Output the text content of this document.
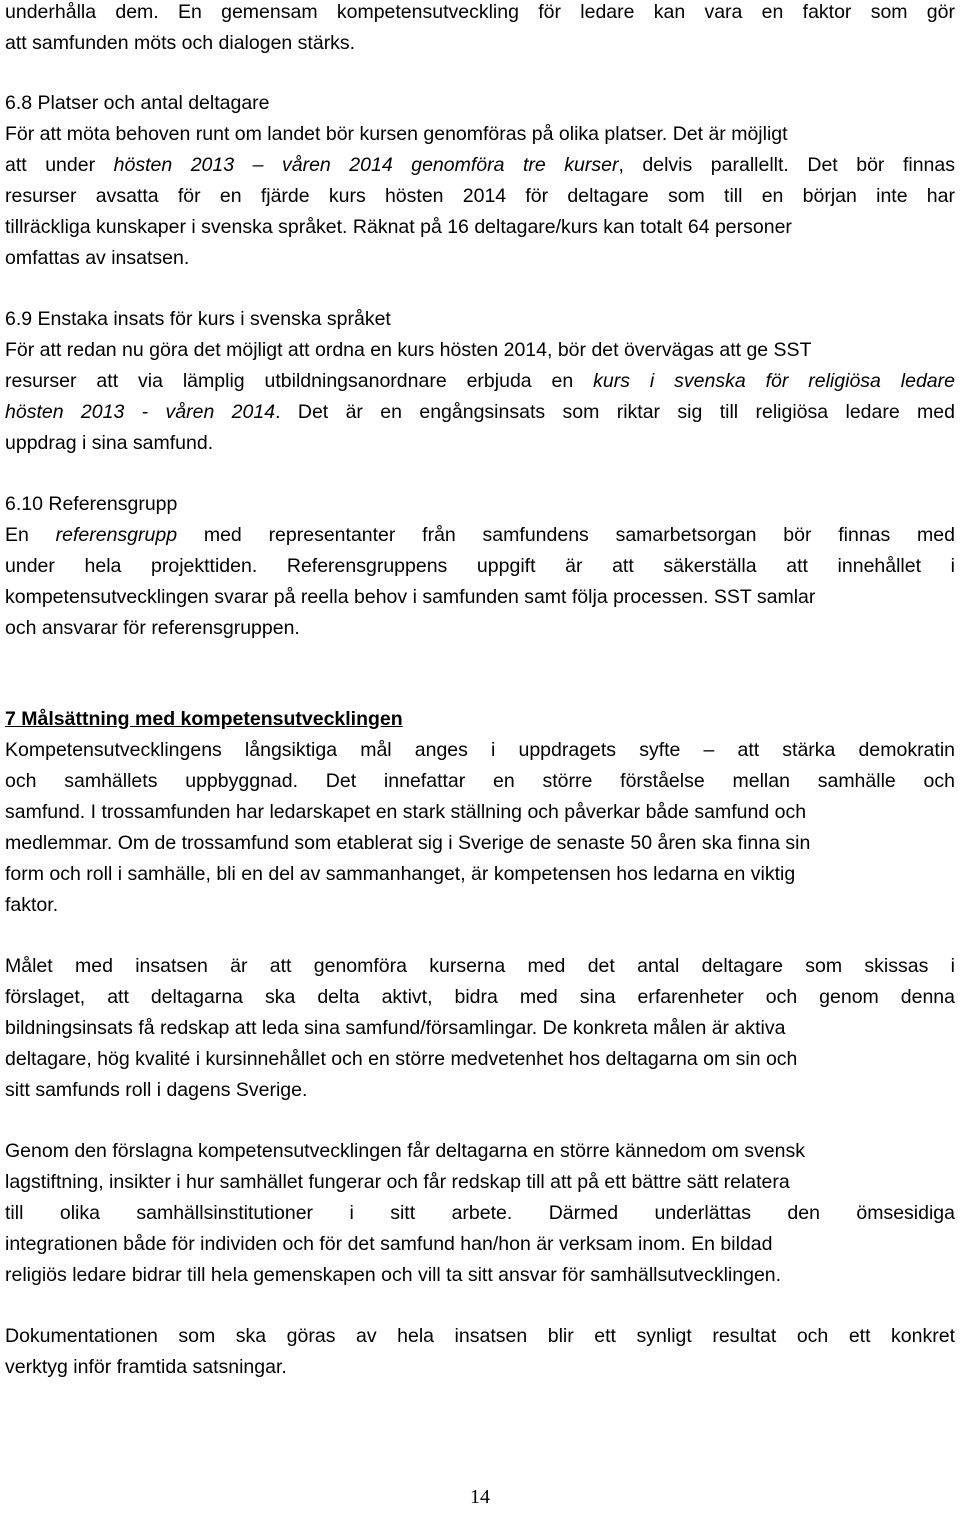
underhålla dem. En gemensam kompetensutveckling för ledare kan vara en faktor som gör
att samfunden möts och dialogen stärks.
6.8 Platser och antal deltagare
För att möta behoven runt om landet bör kursen genomföras på olika platser. Det är möjligt
att under hösten 2013 – våren 2014 genomföra tre kurser, delvis parallellt. Det bör finnas
resurser avsatta för en fjärde kurs hösten 2014 för deltagare som till en början inte har
tillräckliga kunskaper i svenska språket. Räknat på 16 deltagare/kurs kan totalt 64 personer
omfattas av insatsen.
6.9 Enstaka insats för kurs i svenska språket
För att redan nu göra det möjligt att ordna en kurs hösten 2014, bör det övervägas att ge SST
resurser att via lämplig utbildningsanordnare erbjuda en kurs i svenska för religiösa ledare
hösten 2013 - våren 2014. Det är en engångsinsats som riktar sig till religiösa ledare med
uppdrag i sina samfund.
6.10 Referensgrupp
En referensgrupp med representanter från samfundens samarbetsorgan bör finnas med
under hela projekttiden. Referensgruppens uppgift är att säkerställa att innehållet i
kompetensutvecklingen svarar på reella behov i samfunden samt följa processen. SST samlar
och ansvarar för referensgruppen.
7 Målsättning med kompetensutvecklingen
Kompetensutvecklingens långsiktiga mål anges i uppdragets syfte – att stärka demokratin
och samhällets uppbyggnad. Det innefattar en större förståelse mellan samhälle och
samfund. I trossamfunden har ledarskapet en stark ställning och påverkar både samfund och
medlemmar. Om de trossamfund som etablerat sig i Sverige de senaste 50 åren ska finna sin
form och roll i samhälle, bli en del av sammanhanget, är kompetensen hos ledarna en viktig
faktor.
Målet med insatsen är att genomföra kurserna med det antal deltagare som skissas i
förslaget, att deltagarna ska delta aktivt, bidra med sina erfarenheter och genom denna
bildningsinsats få redskap att leda sina samfund/församlingar. De konkreta målen är aktiva
deltagare, hög kvalité i kursinnehållet och en större medvetenhet hos deltagarna om sin och
sitt samfunds roll i dagens Sverige.
Genom den förslagna kompetensutvecklingen får deltagarna en större kännedom om svensk
lagstiftning, insikter i hur samhället fungerar och får redskap till att på ett bättre sätt relatera
till olika samhällsinstitutioner i sitt arbete. Därmed underlättas den ömsesidiga
integrationen både för individen och för det samfund han/hon är verksam inom. En bildad
religiös ledare bidrar till hela gemenskapen och vill ta sitt ansvar för samhällsutvecklingen.
Dokumentationen som ska göras av hela insatsen blir ett synligt resultat och ett konkret
verktyg inför framtida satsningar.
14
